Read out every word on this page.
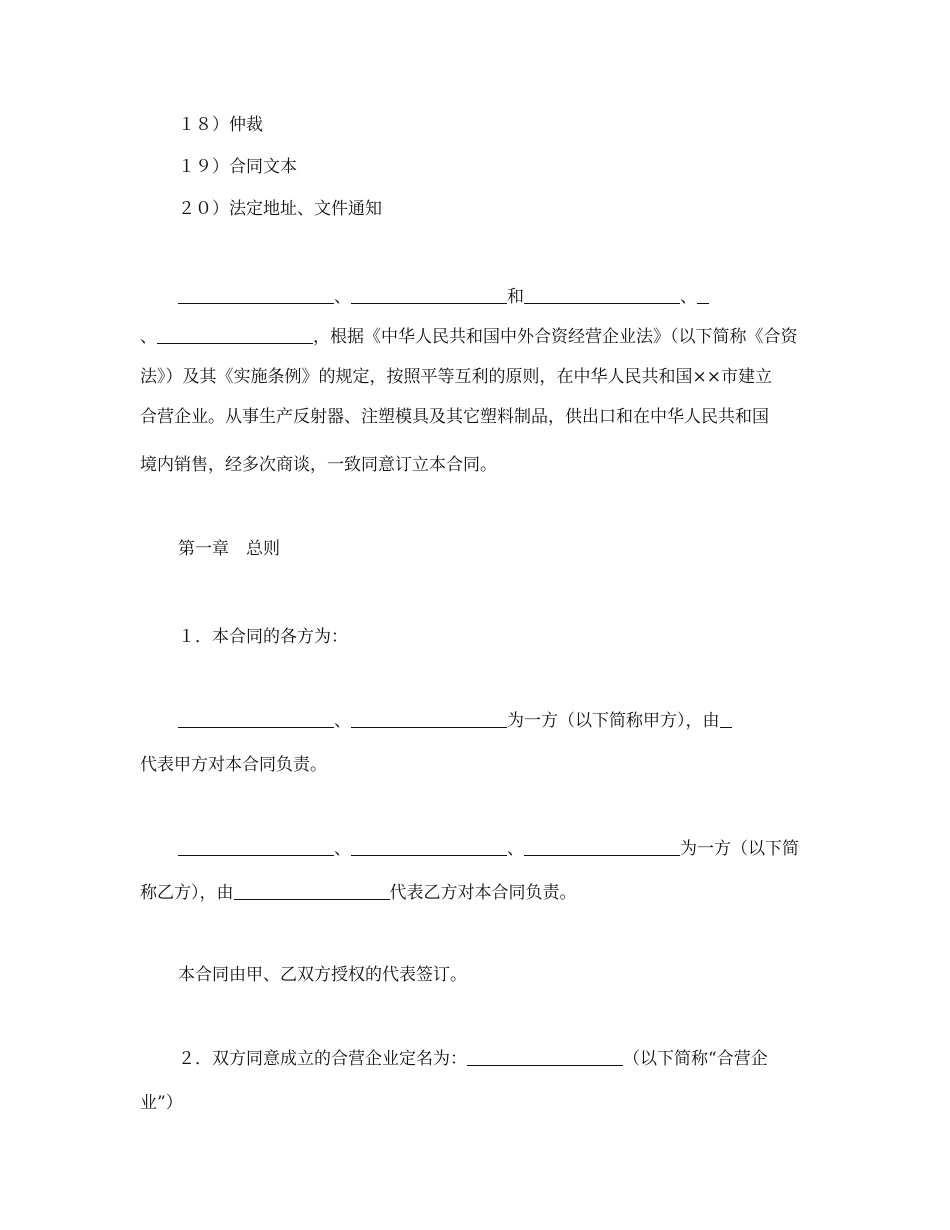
１８）仲裁
１９）合同文本
２０）法定地址、文件通知
、	和	、
、	，根据《中华人民共和国中外合资经营企业法》（以下简称《合资
法》）及其《实施条例》的规定，按照平等互利的原则，在中华人民共和国××市建立
合营企业。从事生产反射器、注塑模具及其它塑料制品，供出口和在中华人民共和国
境内销售，经多次商谈，一致同意订立本合同。
第一章　总则
１．本合同的各方为：
、	为一方（以下简称甲方），由
代表甲方对本合同负责。
、	、	为一方（以下简
称乙方），由	代表乙方对本合同负责。
本合同由甲、乙双方授权的代表签订。
２．双方同意成立的合营企业定名为：	（以下简称“合营企
业”）
